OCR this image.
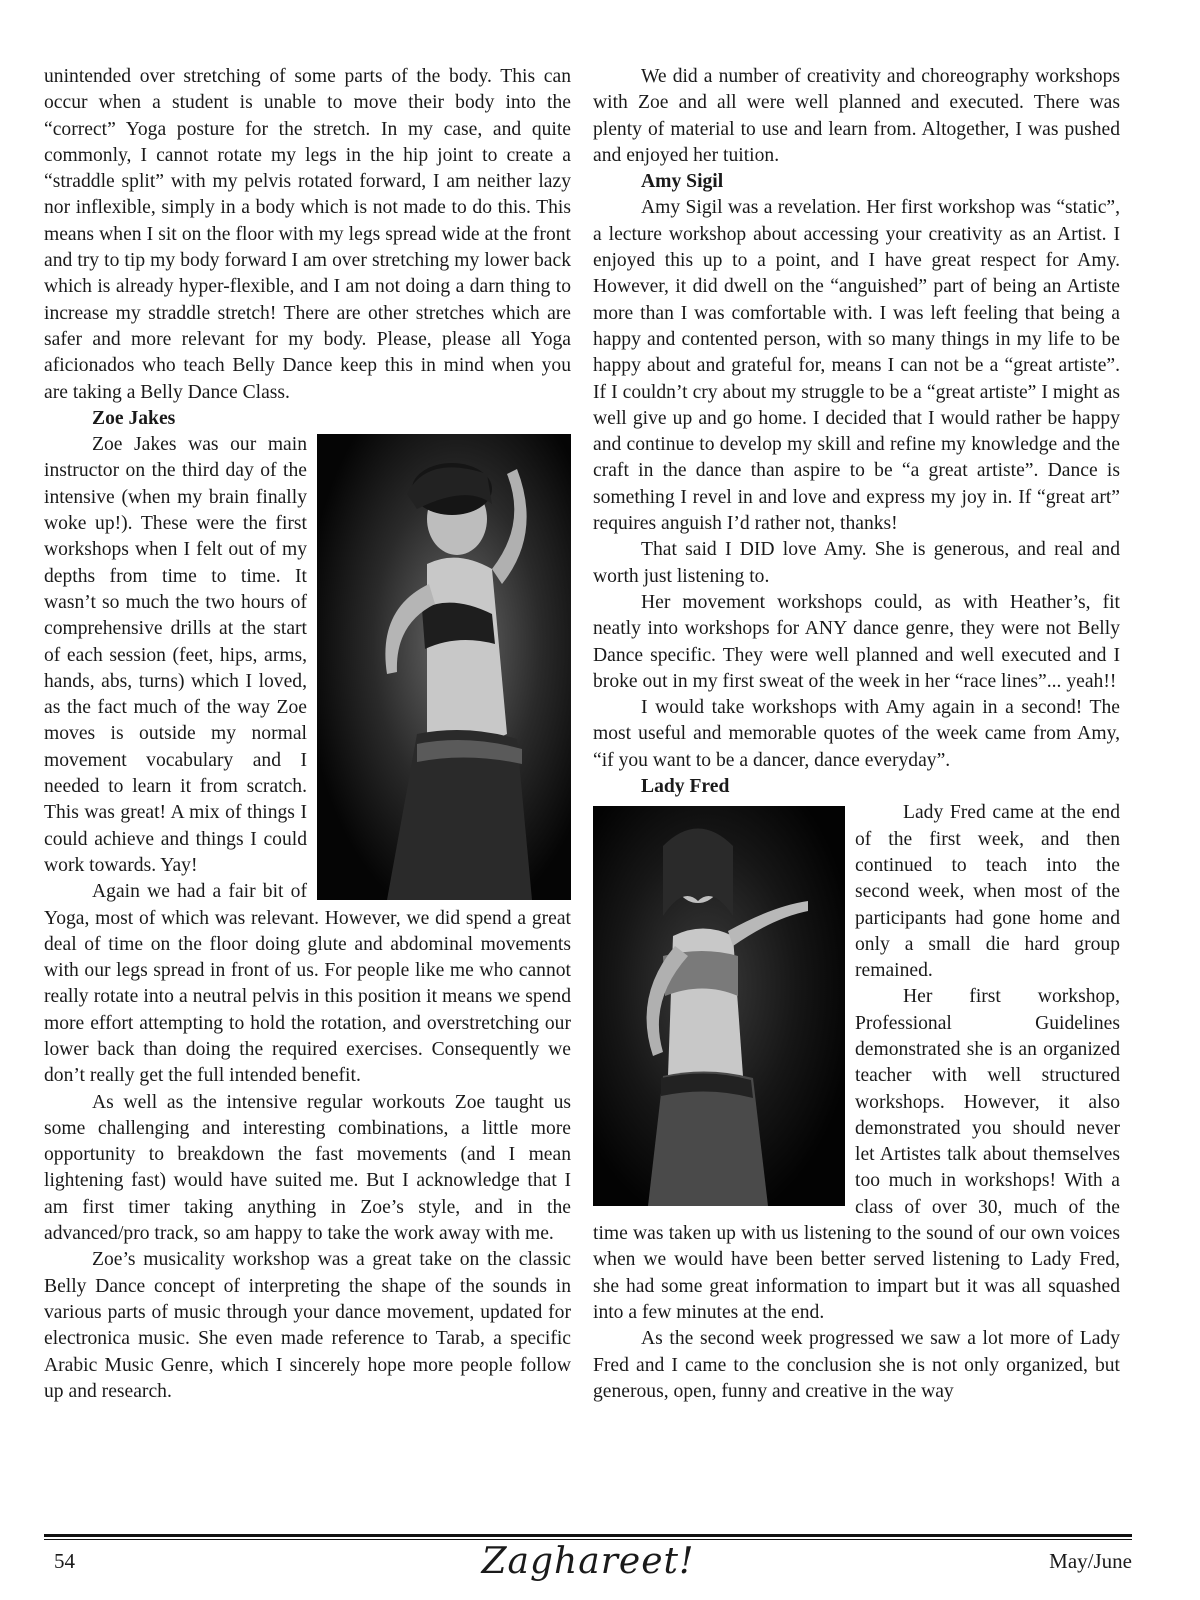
unintended over stretching of some parts of the body. This can occur when a student is unable to move their body into the “correct” Yoga posture for the stretch. In my case, and quite commonly, I cannot rotate my legs in the hip joint to create a “straddle split” with my pelvis rotated forward, I am neither lazy nor inflexible, simply in a body which is not made to do this. This means when I sit on the floor with my legs spread wide at the front and try to tip my body forward I am over stretching my lower back which is already hyper-flexible, and I am not doing a darn thing to increase my straddle stretch! There are other stretches which are safer and more relevant for my body. Please, please all Yoga aficionados who teach Belly Dance keep this in mind when you are taking a Belly Dance Class.

Zoe Jakes

Zoe Jakes was our main instructor on the third day of the intensive (when my brain finally woke up!). These were the first workshops when I felt out of my depths from time to time. It wasn’t so much the two hours of comprehensive drills at the start of each session (feet, hips, arms, hands, abs, turns) which I loved, as the fact much of the way Zoe moves is outside my normal movement vocabulary and I needed to learn it from scratch. This was great! A mix of things I could achieve and things I could work towards. Yay!

Again we had a fair bit of Yoga, most of which was relevant. However, we did spend a great deal of time on the floor doing glute and abdominal movements with our legs spread in front of us. For people like me who cannot really rotate into a neutral pelvis in this position it means we spend more effort attempting to hold the rotation, and overstretching our lower back than doing the required exercises. Consequently we don’t really get the full intended benefit.

As well as the intensive regular workouts Zoe taught us some challenging and interesting combinations, a little more opportunity to breakdown the fast movements (and I mean lightening fast) would have suited me. But I acknowledge that I am first timer taking anything in Zoe’s style, and in the advanced/pro track, so am happy to take the work away with me.

Zoe’s musicality workshop was a great take on the classic Belly Dance concept of interpreting the shape of the sounds in various parts of music through your dance movement, updated for electronica music. She even made reference to Tarab, a specific Arabic Music Genre, which I sincerely hope more people follow up and research.

We did a number of creativity and choreography workshops with Zoe and all were well planned and executed. There was plenty of material to use and learn from. Altogether, I was pushed and enjoyed her tuition.

Amy Sigil

Amy Sigil was a revelation. Her first workshop was “static”, a lecture workshop about accessing your creativity as an Artist. I enjoyed this up to a point, and I have great respect for Amy. However, it did dwell on the “anguished” part of being an Artiste more than I was comfortable with. I was left feeling that being a happy and contented person, with so many things in my life to be happy about and grateful for, means I can not be a “great artiste”. If I couldn’t cry about my struggle to be a “great artiste” I might as well give up and go home. I decided that I would rather be happy and continue to develop my skill and refine my knowledge and the craft in the dance than aspire to be “a great artiste”. Dance is something I revel in and love and express my joy in. If “great art” requires anguish I’d rather not, thanks!

That said I DID love Amy. She is generous, and real and worth just listening to.

Her movement workshops could, as with Heather’s, fit neatly into workshops for ANY dance genre, they were not Belly Dance specific. They were well planned and well executed and I broke out in my first sweat of the week in her “race lines”... yeah!!

I would take workshops with Amy again in a second! The most useful and memorable quotes of the week came from Amy, “if you want to be a dancer, dance everyday”.

Lady Fred

Lady Fred came at the end of the first week, and then continued to teach into the second week, when most of the participants had gone home and only a small die hard group remained.

Her first workshop, Professional Guidelines demonstrated she is an organized teacher with well structured workshops. However, it also demonstrated you should never let Artistes talk about themselves too much in workshops! With a class of over 30, much of the time was taken up with us listening to the sound of our own voices when we would have been better served listening to Lady Fred, she had some great information to impart but it was all squashed into a few minutes at the end.

As the second week progressed we saw a lot more of Lady Fred and I came to the conclusion she is not only organized, but generous, open, funny and creative in the way

54	Zaghareet!	May/June
